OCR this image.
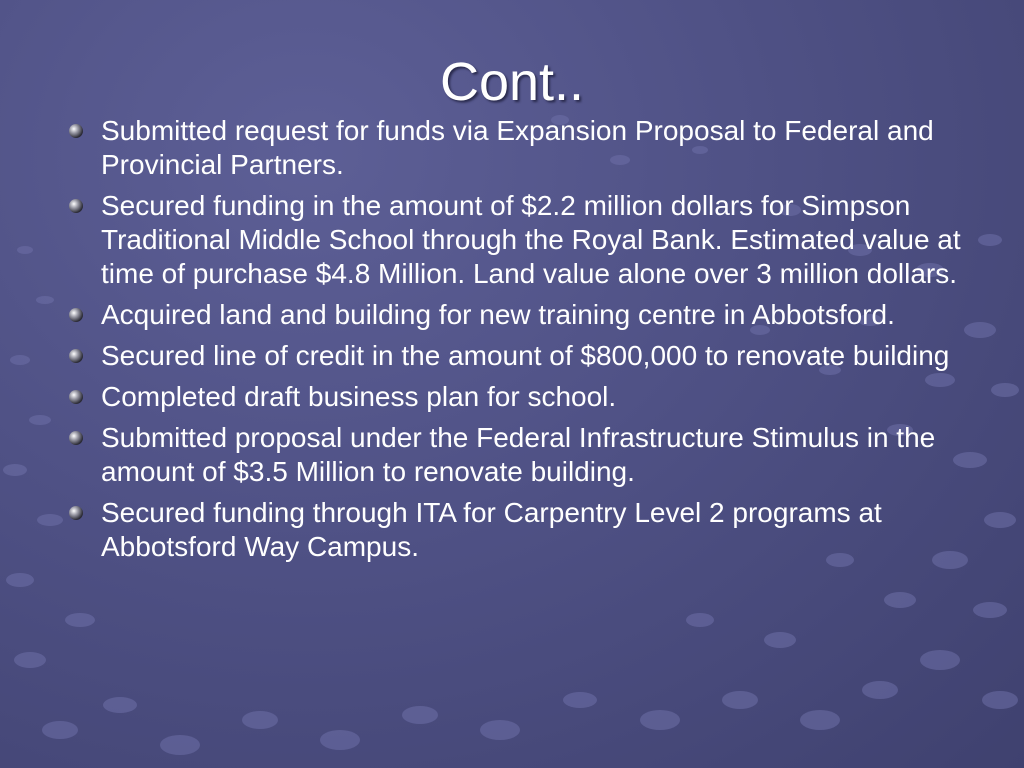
Cont..
Submitted request for funds via Expansion Proposal to Federal and Provincial Partners.
Secured funding in the amount of $2.2 million dollars for Simpson Traditional Middle School through the Royal Bank. Estimated value at time of purchase $4.8 Million. Land value alone over 3 million dollars.
Acquired land and building for new training centre in Abbotsford.
Secured line of credit in the amount of $800,000 to renovate building
Completed draft business plan for school.
Submitted proposal under the Federal Infrastructure Stimulus in the amount of $3.5 Million to renovate building.
Secured funding through ITA for Carpentry Level 2 programs at Abbotsford Way Campus.
